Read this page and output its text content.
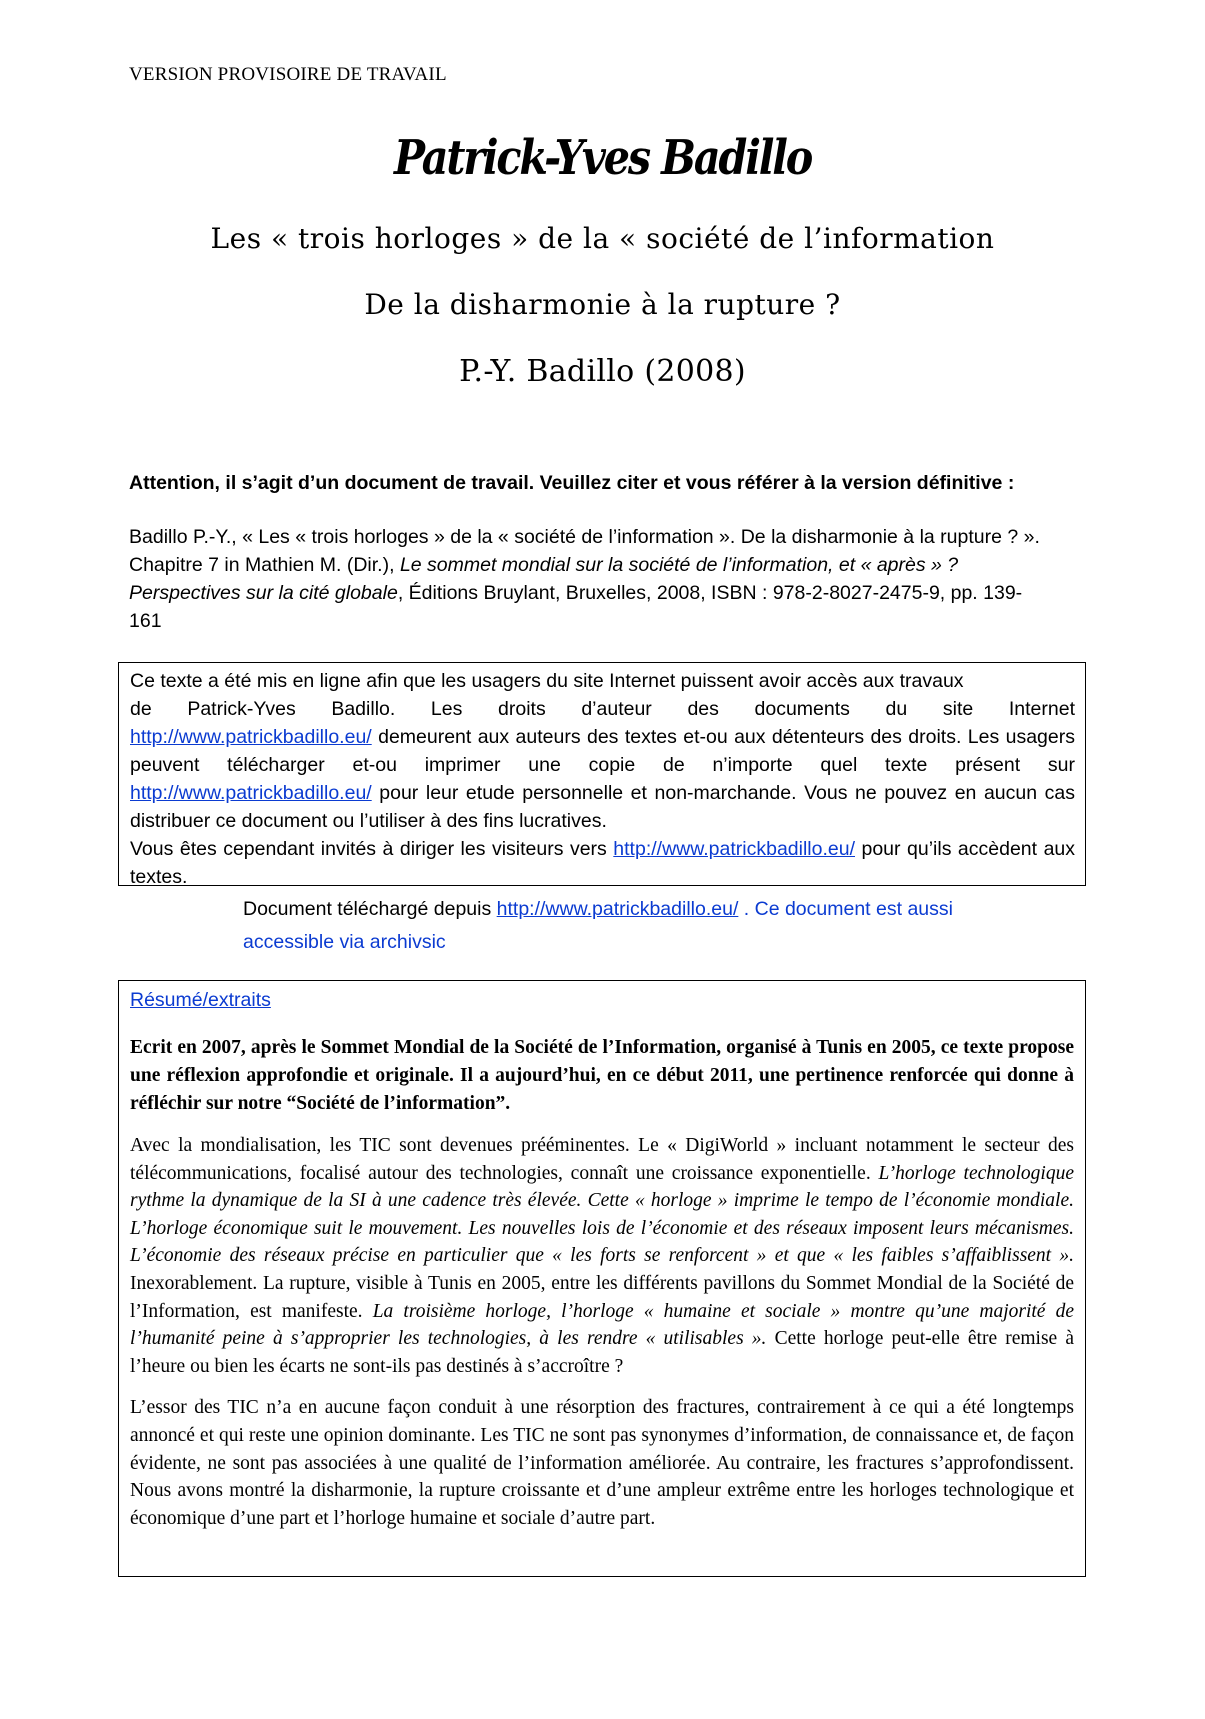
VERSION PROVISOIRE DE TRAVAIL
Patrick-Yves Badillo
Les « trois horloges » de la « société de l’information
De la disharmonie à la rupture ?
P.-Y. Badillo (2008)
Attention, il s’agit d’un document de travail. Veuillez citer et vous référer à la version définitive :

Badillo P.-Y., « Les « trois horloges » de la « société de l’information ». De la disharmonie à la rupture ? ». Chapitre 7 in Mathien M. (Dir.), Le sommet mondial sur la société de l’information, et « après » ? Perspectives sur la cité globale, Éditions Bruylant, Bruxelles, 2008, ISBN : 978-2-8027-2475-9, pp. 139-161

Ce texte a été mis en ligne afin que les usagers du site Internet puissent avoir accès aux travaux

de Patrick-Yves Badillo. Les droits d’auteur des documents du site Internet

http://www.patrickbadillo.eu/ demeurent aux auteurs des textes et-ou aux détenteurs des droits. Les usagers peuvent télécharger et-ou imprimer une copie de n’importe quel texte présent sur http://www.patrickbadillo.eu/ pour leur etude personnelle et non-marchande. Vous ne pouvez en aucun cas distribuer ce document ou l’utiliser à des fins lucratives.

Vous êtes cependant invités à diriger les visiteurs vers http://www.patrickbadillo.eu/ pour qu’ils accèdent aux textes.

Document téléchargé depuis http://www.patrickbadillo.eu/ . Ce document est aussi accessible via archivsic
Résumé/extraits

Ecrit en 2007, après le Sommet Mondial de la Société de l’Information, organisé à Tunis en 2005, ce texte propose une réflexion approfondie et originale. Il a aujourd’hui, en ce début 2011, une pertinence renforcée qui donne à réfléchir sur notre “Société de l’information”.

Avec la mondialisation, les TIC sont devenues prééminentes. Le « DigiWorld » incluant notamment le secteur des télécommunications, focalisé autour des technologies, connaît une croissance exponentielle. L’horloge technologique rythme la dynamique de la SI à une cadence très élevée. Cette « horloge » imprime le tempo de l’économie mondiale. L’horloge économique suit le mouvement. Les nouvelles lois de l’économie et des réseaux imposent leurs mécanismes. L’économie des réseaux précise en particulier que « les forts se renforcent » et que « les faibles s’affaiblissent ». Inexorablement. La rupture, visible à Tunis en 2005, entre les différents pavillons du Sommet Mondial de la Société de l’Information, est manifeste. La troisième horloge, l’horloge « humaine et sociale » montre qu’une majorité de l’humanité peine à s’approprier les technologies, à les rendre « utilisables ». Cette horloge peut-elle être remise à l’heure ou bien les écarts ne sont-ils pas destinés à s’accroître ?

L’essor des TIC n’a en aucune façon conduit à une résorption des fractures, contrairement à ce qui a été longtemps annoncé et qui reste une opinion dominante. Les TIC ne sont pas synonymes d’information, de connaissance et, de façon évidente, ne sont pas associées à une qualité de l’information améliorée. Au contraire, les fractures s’approfondissent. Nous avons montré la disharmonie, la rupture croissante et d’une ampleur extrême entre les horloges technologique et économique d’une part et l’horloge humaine et sociale d’autre part.
